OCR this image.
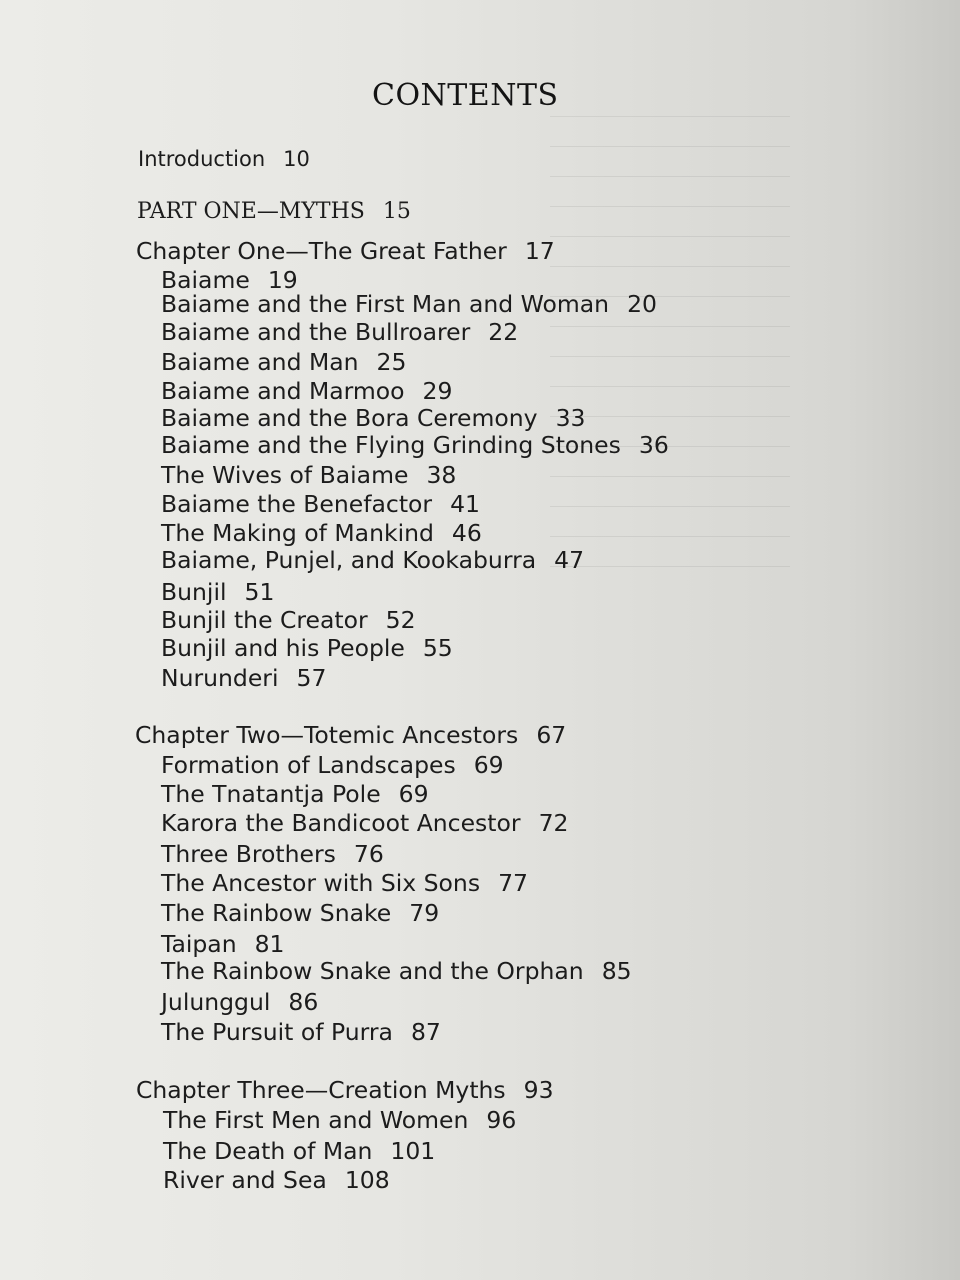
CONTENTS
Introduction 10
PART ONE—MYTHS 15
Chapter One—The Great Father 17
Baiame 19
Baiame and the First Man and Woman 20
Baiame and the Bullroarer 22
Baiame and Man 25
Baiame and Marmoo 29
Baiame and the Bora Ceremony 33
Baiame and the Flying Grinding Stones 36
The Wives of Baiame 38
Baiame the Benefactor 41
The Making of Mankind 46
Baiame, Punjel, and Kookaburra 47
Bunjil 51
Bunjil the Creator 52
Bunjil and his People 55
Nurunderi 57
Chapter Two—Totemic Ancestors 67
Formation of Landscapes 69
The Tnatantja Pole 69
Karora the Bandicoot Ancestor 72
Three Brothers 76
The Ancestor with Six Sons 77
The Rainbow Snake 79
Taipan 81
The Rainbow Snake and the Orphan 85
Julunggul 86
The Pursuit of Purra 87
Chapter Three—Creation Myths 93
The First Men and Women 96
The Death of Man 101
River and Sea 108
